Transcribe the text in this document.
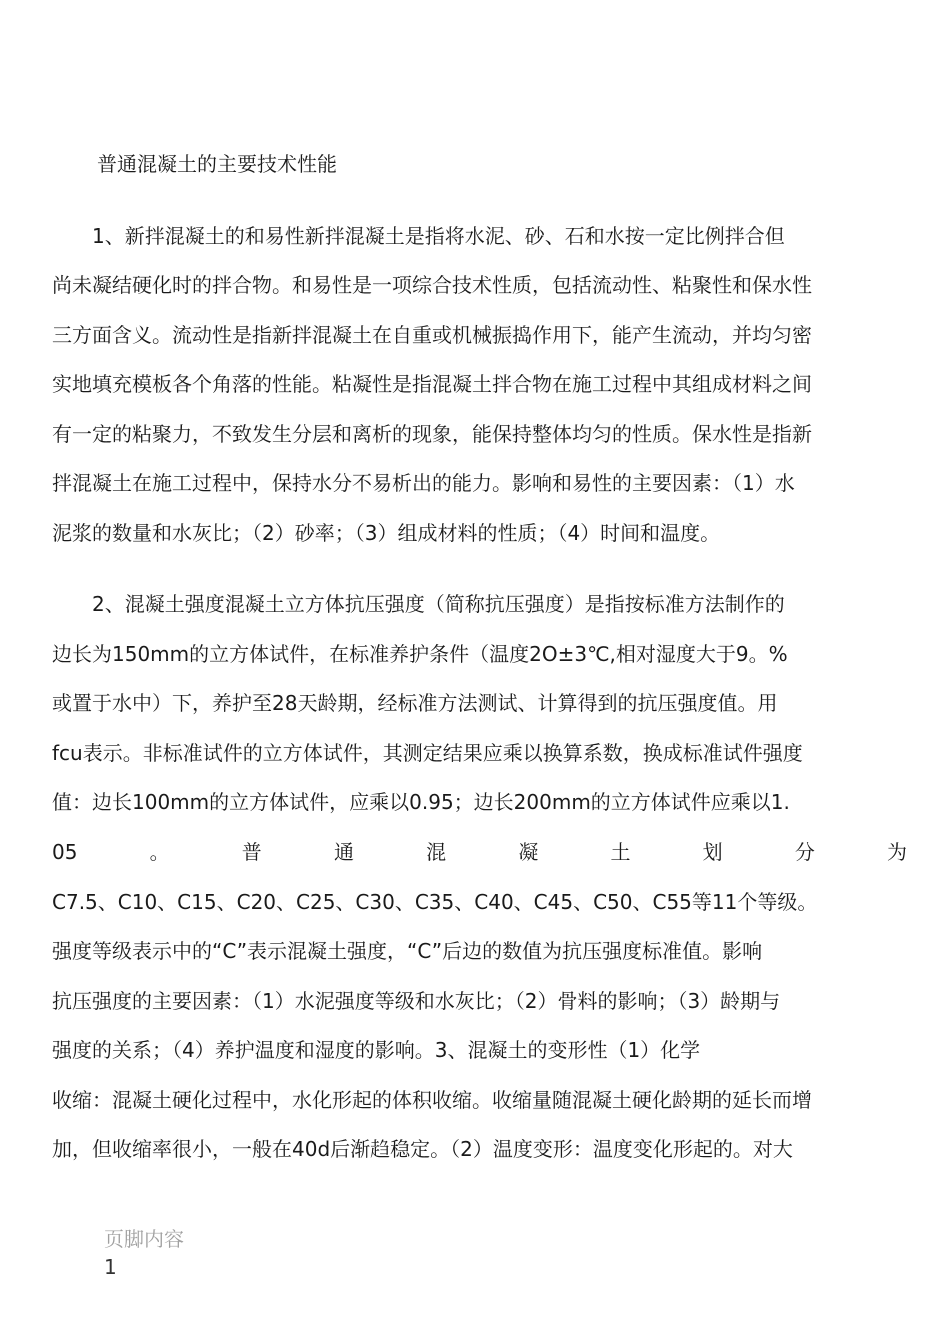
普通混凝土的主要技术性能
　　1、新拌混凝土的和易性新拌混凝土是指将水泥、砂、石和水按一定比例拌合但
尚未凝结硬化时的拌合物。和易性是一项综合技术性质，包括流动性、粘聚性和保水性
三方面含义。流动性是指新拌混凝土在自重或机械振捣作用下，能产生流动，并均匀密
实地填充模板各个角落的性能。粘凝性是指混凝土拌合物在施工过程中其组成材料之间
有一定的粘聚力，不致发生分层和离析的现象，能保持整体均匀的性质。保水性是指新
拌混凝土在施工过程中，保持水分不易析出的能力。影响和易性的主要因素：（1）水
泥浆的数量和水灰比；（2）砂率；（3）组成材料的性质；（4）时间和温度。
　　2、混凝土强度混凝土立方体抗压强度（简称抗压强度）是指按标准方法制作的
边长为150mm的立方体试件，在标准养护条件（温度2O±3℃,相对湿度大于9。%
或置于水中）下，养护至28天龄期，经标准方法测试、计算得到的抗压强度值。用
fcu表示。非标准试件的立方体试件，其测定结果应乘以换算系数，换成标准试件强度
值：边长100mm的立方体试件，应乘以0.95；边长200mm的立方体试件应乘以1.
05	。	普	通	混	凝	土	划	分	为
C7.5、C10、C15、C20、C25、C30、C35、C40、C45、C50、C55等11个等级。
强度等级表示中的“C”表示混凝土强度，“C”后边的数值为抗压强度标准值。影响
抗压强度的主要因素：（1）水泥强度等级和水灰比；（2）骨料的影响；（3）龄期与
强度的关系；（4）养护温度和湿度的影响。3、混凝土的变形性（1）化学
收缩：混凝土硬化过程中，水化形起的体积收缩。收缩量随混凝土硬化龄期的延长而增
加，但收缩率很小，一般在40d后渐趋稳定。（2）温度变形：温度变化形起的。对大
页脚内容1
